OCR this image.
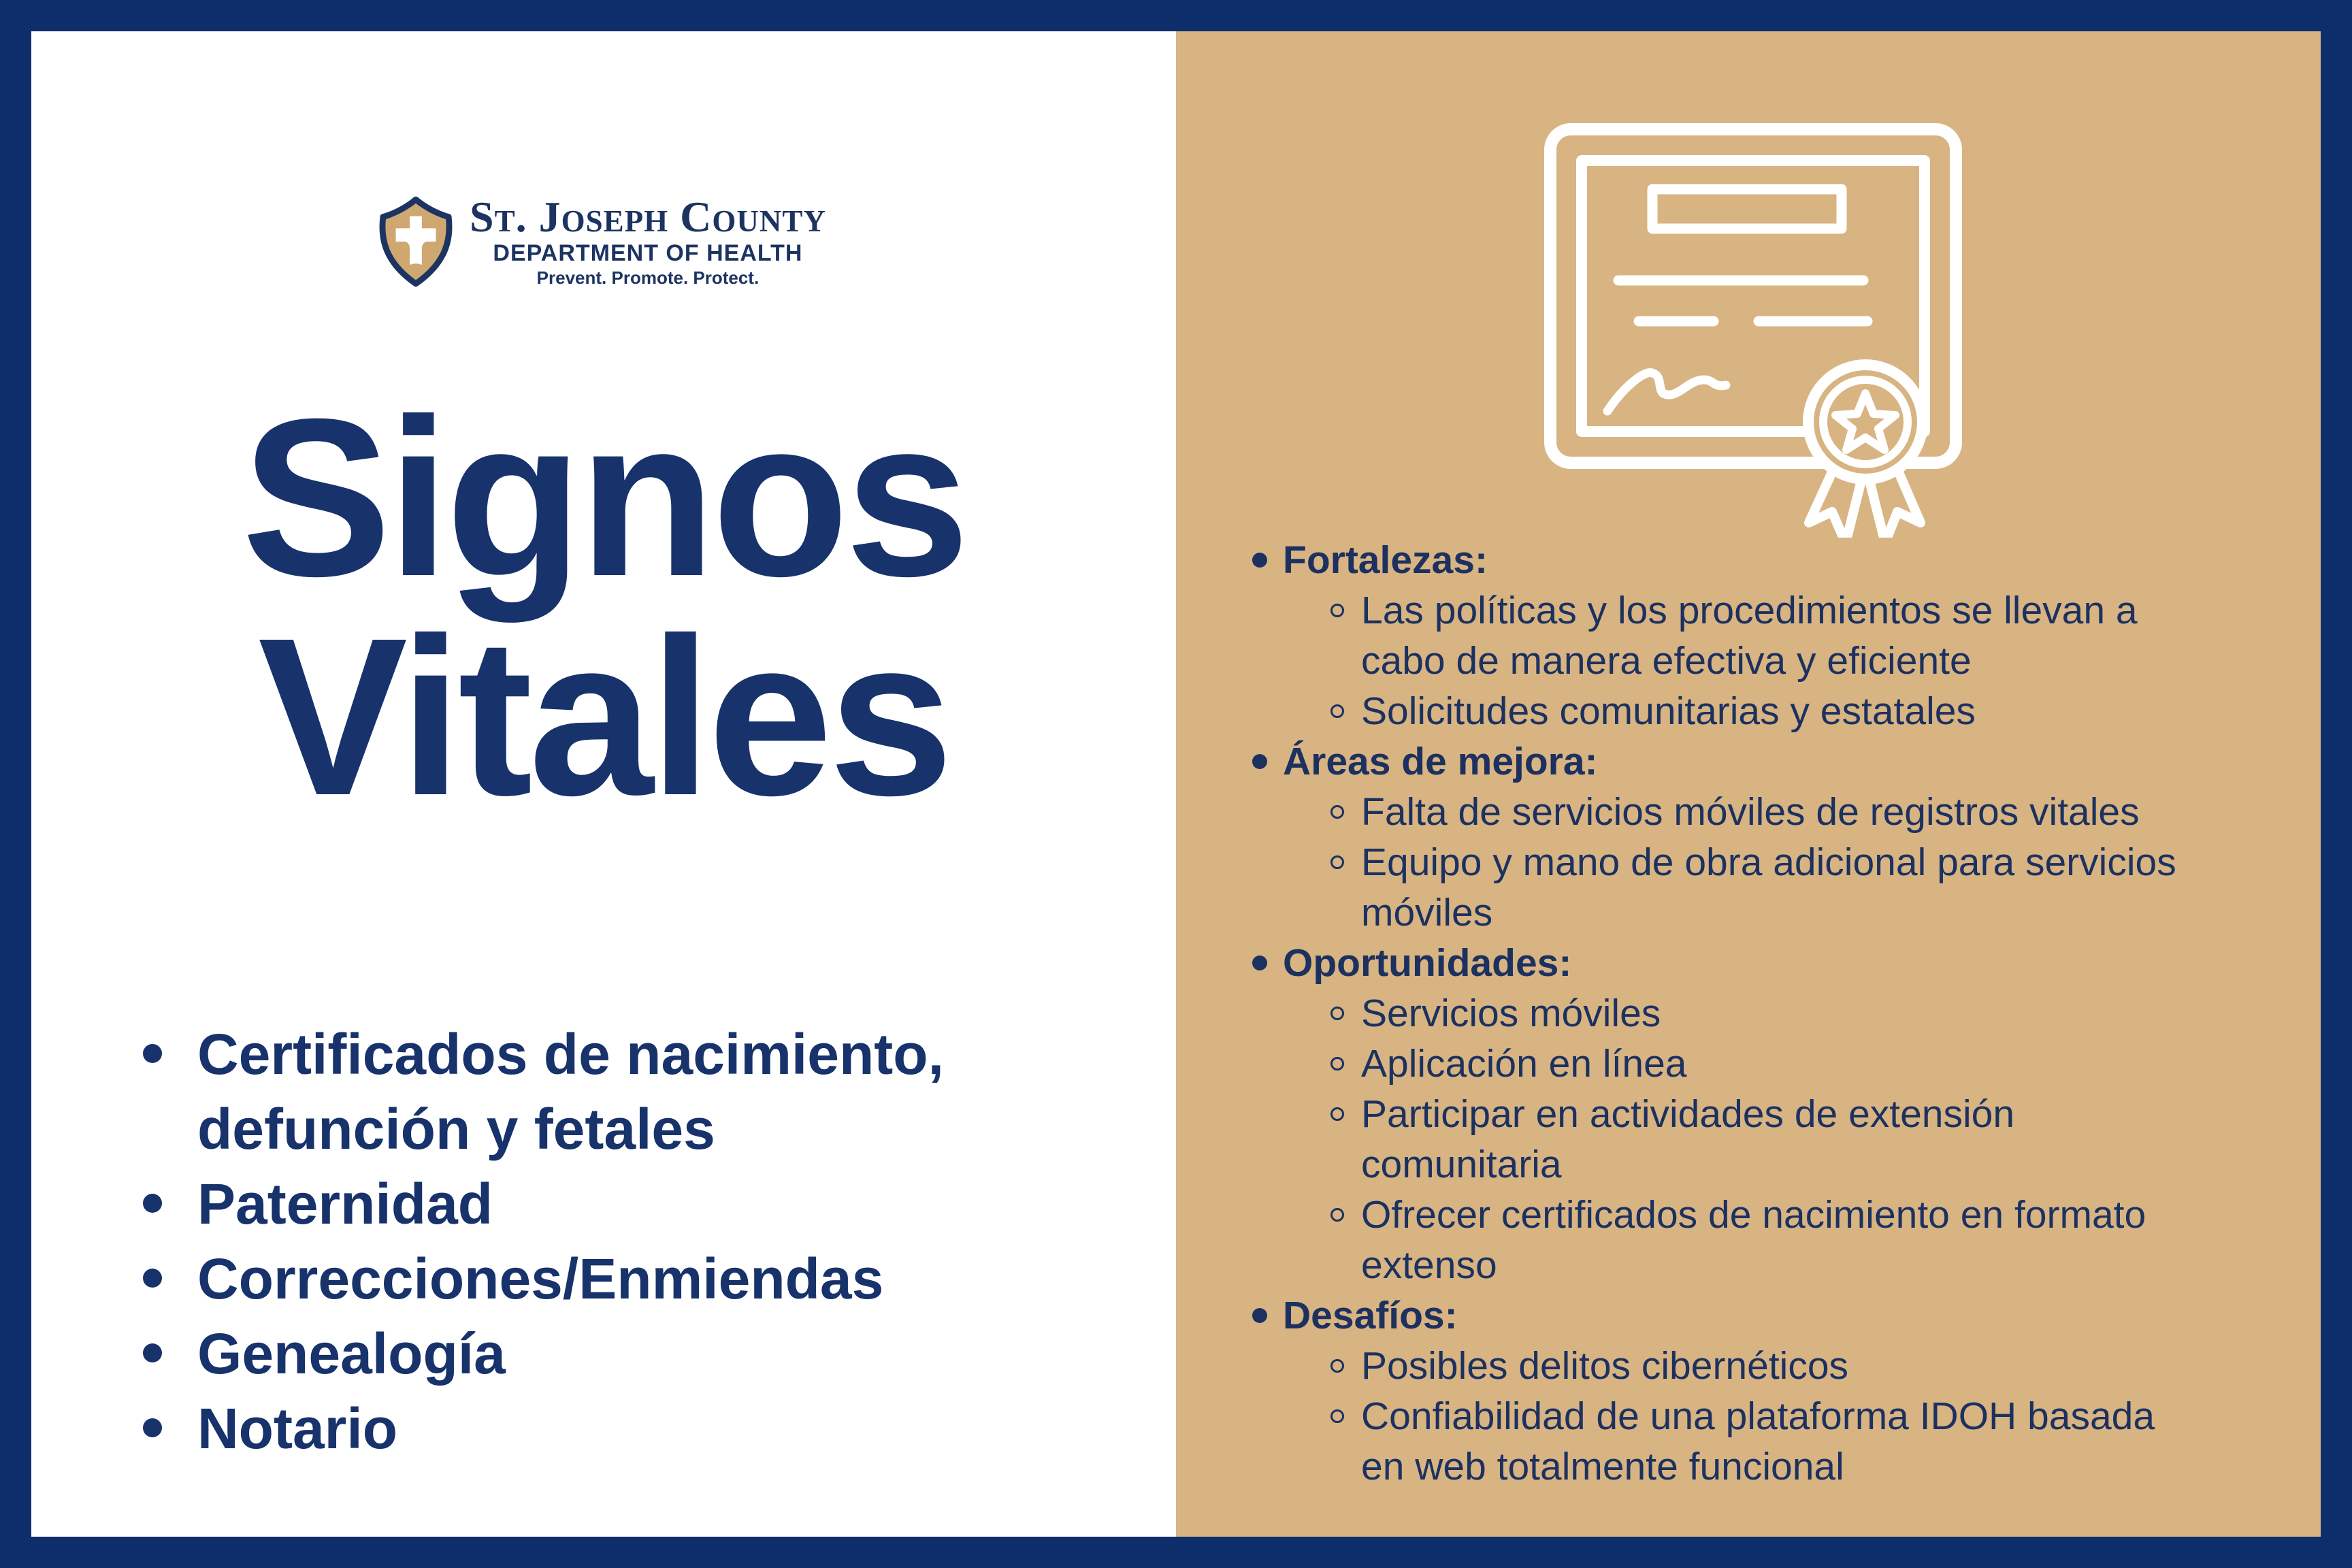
St. Joseph County
DEPARTMENT OF HEALTH
Prevent. Promote. Protect.
Signos
Vitales
Certificados de nacimiento, defunción y fetales
Paternidad
Correcciones/Enmiendas
Genealogía
Notario
Fortalezas:
Las políticas y los procedimientos se llevan a cabo de manera efectiva y eficiente
Solicitudes comunitarias y estatales
Áreas de mejora:
Falta de servicios móviles de registros vitales
Equipo y mano de obra adicional para servicios móviles
Oportunidades:
Servicios móviles
Aplicación en línea
Participar en actividades de extensión comunitaria
Ofrecer certificados de nacimiento en formato extenso
Desafíos:
Posibles delitos cibernéticos
Confiabilidad de una plataforma IDOH basada en web totalmente funcional
